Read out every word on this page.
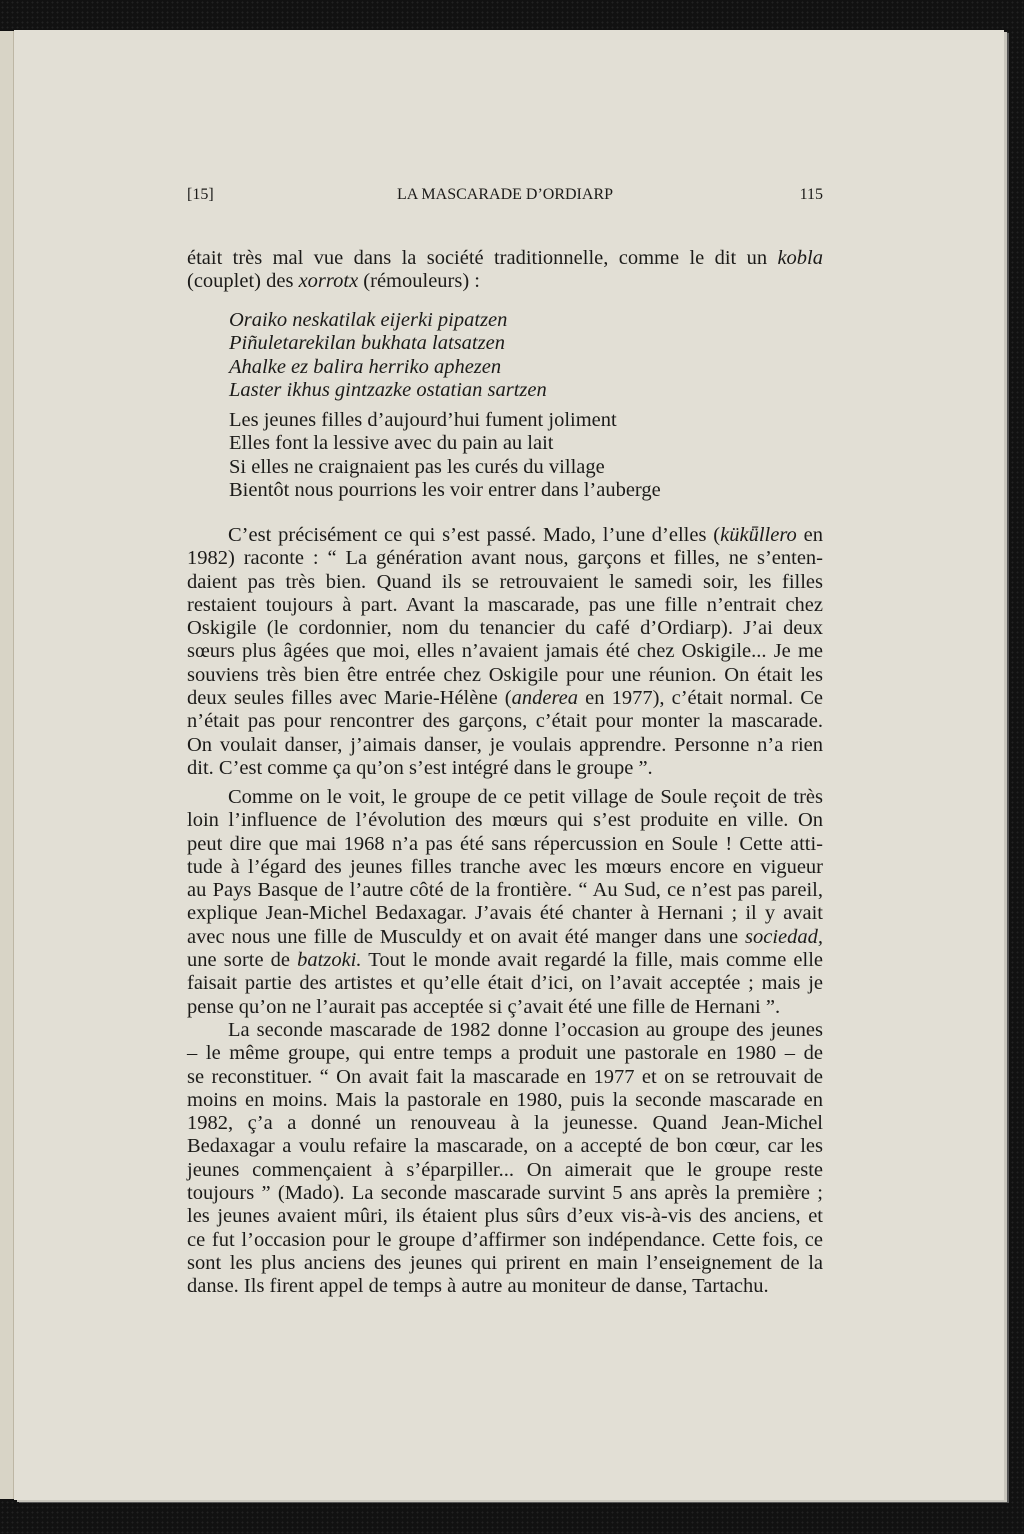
[15]	LA MASCARADE D’ORDIARP	115
était très mal vue dans la société traditionnelle, comme le dit un kobla
(couplet) des xorrotx (rémouleurs) :
Oraiko neskatilak eijerki pipatzen
Piñuletarekilan bukhata latsatzen
Ahalke ez balira herriko aphezen
Laster ikhus gintzazke ostatian sartzen
Les jeunes filles d’aujourd’hui fument joliment
Elles font la lessive avec du pain au lait
Si elles ne craignaient pas les curés du village
Bientôt nous pourrions les voir entrer dans l’auberge
C’est précisément ce qui s’est passé. Mado, l’une d’elles (kükǖllero en
1982) raconte : “ La génération avant nous, garçons et filles, ne s’enten-
daient pas très bien. Quand ils se retrouvaient le samedi soir, les filles
restaient toujours à part. Avant la mascarade, pas une fille n’entrait chez
Oskigile (le cordonnier, nom du tenancier du café d’Ordiarp). J’ai deux
sœurs plus âgées que moi, elles n’avaient jamais été chez Oskigile... Je me
souviens très bien être entrée chez Oskigile pour une réunion. On était les
deux seules filles avec Marie-Hélène (anderea en 1977), c’était normal. Ce
n’était pas pour rencontrer des garçons, c’était pour monter la mascarade.
On voulait danser, j’aimais danser, je voulais apprendre. Personne n’a rien
dit. C’est comme ça qu’on s’est intégré dans le groupe ”.
Comme on le voit, le groupe de ce petit village de Soule reçoit de très
loin l’influence de l’évolution des mœurs qui s’est produite en ville. On
peut dire que mai 1968 n’a pas été sans répercussion en Soule ! Cette atti-
tude à l’égard des jeunes filles tranche avec les mœurs encore en vigueur
au Pays Basque de l’autre côté de la frontière. “ Au Sud, ce n’est pas pareil,
explique Jean-Michel Bedaxagar. J’avais été chanter à Hernani ; il y avait
avec nous une fille de Musculdy et on avait été manger dans une sociedad,
une sorte de batzoki. Tout le monde avait regardé la fille, mais comme elle
faisait partie des artistes et qu’elle était d’ici, on l’avait acceptée ; mais je
pense qu’on ne l’aurait pas acceptée si ç’avait été une fille de Hernani ”.
La seconde mascarade de 1982 donne l’occasion au groupe des jeunes
– le même groupe, qui entre temps a produit une pastorale en 1980 – de
se reconstituer. “ On avait fait la mascarade en 1977 et on se retrouvait de
moins en moins. Mais la pastorale en 1980, puis la seconde mascarade en
1982, ç’a a donné un renouveau à la jeunesse. Quand Jean-Michel
Bedaxagar a voulu refaire la mascarade, on a accepté de bon cœur, car les
jeunes commençaient à s’éparpiller... On aimerait que le groupe reste
toujours ” (Mado). La seconde mascarade survint 5 ans après la première ;
les jeunes avaient mûri, ils étaient plus sûrs d’eux vis-à-vis des anciens, et
ce fut l’occasion pour le groupe d’affirmer son indépendance. Cette fois, ce
sont les plus anciens des jeunes qui prirent en main l’enseignement de la
danse. Ils firent appel de temps à autre au moniteur de danse, Tartachu.
